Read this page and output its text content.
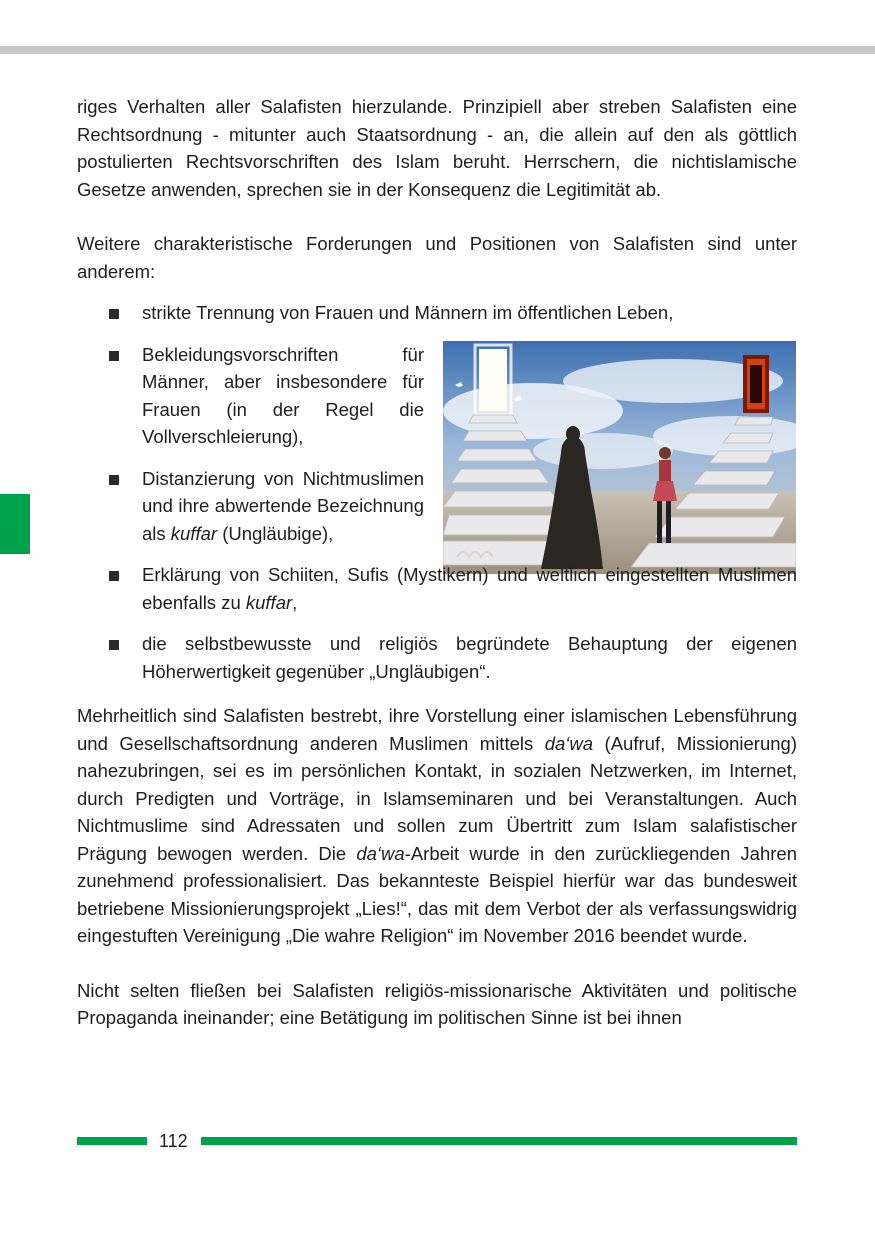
riges Verhalten aller Salafisten hierzulande. Prinzipiell aber streben Salafisten eine Rechtsordnung - mitunter auch Staatsordnung - an, die allein auf den als göttlich postulierten Rechtsvorschriften des Islam beruht. Herrschern, die nichtislamische Gesetze anwenden, sprechen sie in der Konsequenz die Legitimität ab.

Weitere charakteristische Forderungen und Positionen von Salafisten sind unter anderem:

strikte Trennung von Frauen und Männern im öffentlichen Leben,
Bekleidungsvorschriften für Männer, aber insbesondere für Frauen (in der Regel die Vollverschleierung),
Distanzierung von Nichtmuslimen und ihre abwertende Bezeichnung als kuffar (Ungläubige),
Erklärung von Schiiten, Sufis (Mystikern) und weltlich eingestellten Muslimen ebenfalls zu kuffar,
die selbstbewusste und religiös begründete Behauptung der eigenen Höherwertigkeit gegenüber „Ungläubigen“.

Mehrheitlich sind Salafisten bestrebt, ihre Vorstellung einer islamischen Lebensführung und Gesellschaftsordnung anderen Muslimen mittels da‘wa (Aufruf, Missionierung) nahezubringen, sei es im persönlichen Kontakt, in sozialen Netzwerken, im Internet, durch Predigten und Vorträge, in Islamseminaren und bei Veranstaltungen. Auch Nichtmuslime sind Adressaten und sollen zum Übertritt zum Islam salafistischer Prägung bewogen werden. Die da‘wa-Arbeit wurde in den zurückliegenden Jahren zunehmend professionalisiert. Das bekannteste Beispiel hierfür war das bundesweit betriebene Missionierungsprojekt „Lies!“, das mit dem Verbot der als verfassungswidrig eingestuften Vereinigung „Die wahre Religion“ im November 2016 beendet wurde.

Nicht selten fließen bei Salafisten religiös-missionarische Aktivitäten und politische Propaganda ineinander; eine Betätigung im politischen Sinne ist bei ihnen

112
